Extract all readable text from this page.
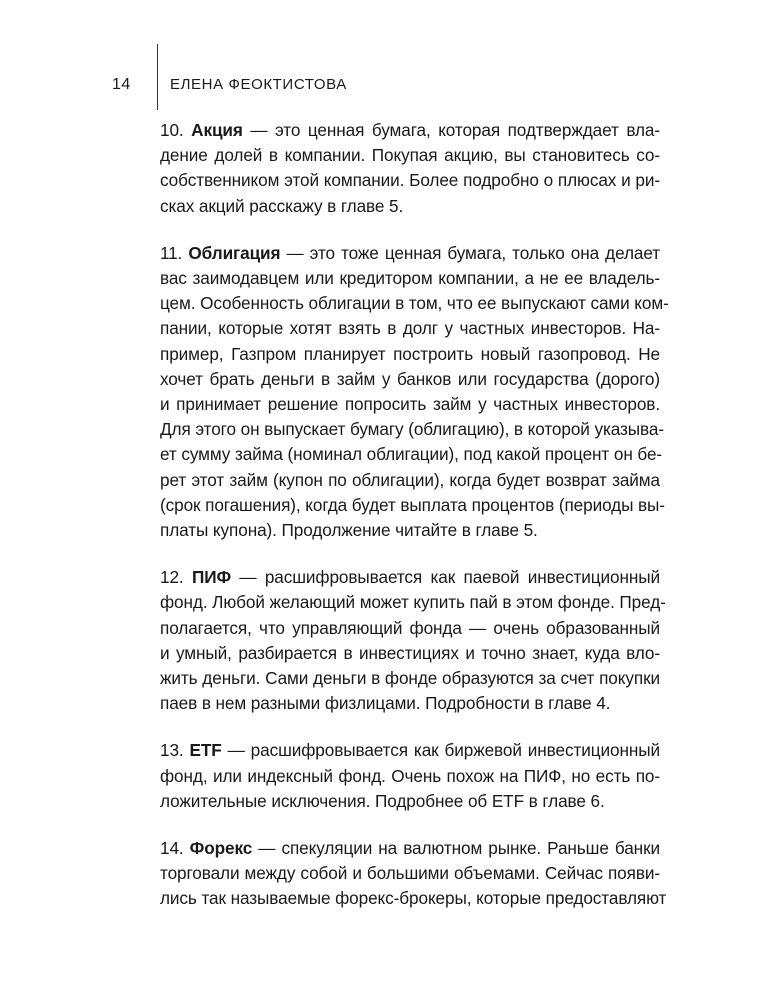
14	ЕЛЕНА ФЕОКТИСТОВА
10. Акция — это ценная бумага, которая подтверждает вла-
дение долей в компании. Покупая акцию, вы становитесь со-
собственником этой компании. Более подробно о плюсах и ри-
сках акций расскажу в главе 5.
11. Облигация — это тоже ценная бумага, только она делает
вас заимодавцем или кредитором компании, а не ее владель-
цем. Особенность облигации в том, что ее выпускают сами ком-
пании, которые хотят взять в долг у частных инвесторов. На-
пример, Газпром планирует построить новый газопровод. Не
хочет брать деньги в займ у банков или государства (дорого)
и принимает решение попросить займ у частных инвесторов.
Для этого он выпускает бумагу (облигацию), в которой указыва-
ет сумму займа (номинал облигации), под какой процент он бе-
рет этот займ (купон по облигации), когда будет возврат займа
(срок погашения), когда будет выплата процентов (периоды вы-
платы купона). Продолжение читайте в главе 5.
12. ПИФ — расшифровывается как паевой инвестиционный
фонд. Любой желающий может купить пай в этом фонде. Пред-
полагается, что управляющий фонда — очень образованный
и умный, разбирается в инвестициях и точно знает, куда вло-
жить деньги. Сами деньги в фонде образуются за счет покупки
паев в нем разными физлицами. Подробности в главе 4.
13. ETF — расшифровывается как биржевой инвестиционный
фонд, или индексный фонд. Очень похож на ПИФ, но есть по-
ложительные исключения. Подробнее об ETF в главе 6.
14. Форекс — спекуляции на валютном рынке. Раньше банки
торговали между собой и большими объемами. Сейчас появи-
лись так называемые форекс-брокеры, которые предоставляют
